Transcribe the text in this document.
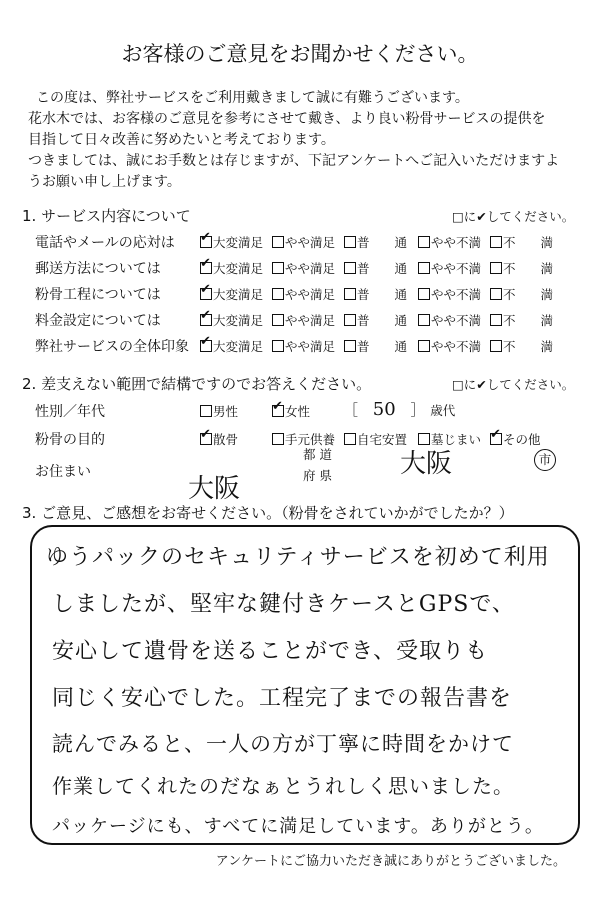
お客様のご意見をお聞かせください。
この度は、弊社サービスをご利用戴きまして誠に有難うございます。
花水木では、お客様のご意見を参考にさせて戴き、より良い粉骨サービスの提供を
目指して日々改善に努めたいと考えております。
つきましては、誠にお手数とは存じますが、下記アンケートへご記入いただけますよ
うお願い申し上げます。
1. サービス内容について	□に✔してください。
電話やメールの応対は ✔	大変満足	やや満足	普　　通	やや不満	不　　満
郵送方法については ✔	大変満足	やや満足	普　　通	やや不満	不　　満
粉骨工程については ✔	大変満足	やや満足	普　　通	やや不満	不　　満
料金設定については ✔	大変満足	やや満足	普　　通	やや不満	不　　満
弊社サービスの全体印象 ✔	大変満足	やや満足	普　　通	やや不満	不　　満
2. 差支えない範囲で結構ですのでお答えください。	□に✔してください。
性別／年代	男性 ✔	女性 ［ 50 ］ 歳代
粉骨の目的 ✔	散骨	手元供養	自宅安置	墓じまい ✔	その他
お住まい
都 道
府 県
大阪
大阪	市
3. ご意見、ご感想をお寄せください。（粉骨をされていかがでしたか？）
ゆうパックのセキュリティサービスを初めて利用
しましたが、堅牢な鍵付きケースとGPSで、
安心して遺骨を送ることができ、受取りも
同じく安心でした。工程完了までの報告書を
読んでみると、一人の方が丁寧に時間をかけて
作業してくれたのだなぁとうれしく思いました。
パッケージにも、すべてに満足しています。ありがとう。
アンケートにご協力いただき誠にありがとうございました。
